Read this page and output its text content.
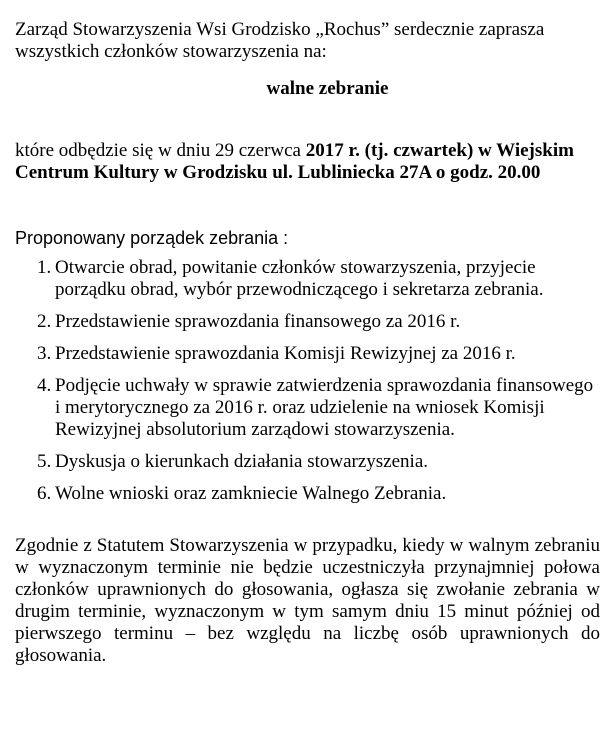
Zarząd Stowarzyszenia Wsi Grodzisko „Rochus” serdecznie zaprasza wszystkich członków stowarzyszenia na:

walne zebranie

które odbędzie się w dniu 29 czerwca 2017 r. (tj. czwartek) w Wiejskim Centrum Kultury w Grodzisku ul. Lubliniecka 27A o godz. 20.00

Proponowany porządek zebrania :

1. Otwarcie obrad, powitanie członków stowarzyszenia, przyjecie porządku obrad, wybór przewodniczącego i sekretarza zebrania.
2. Przedstawienie sprawozdania finansowego za 2016 r.
3. Przedstawienie sprawozdania Komisji Rewizyjnej za 2016 r.
4. Podjęcie uchwały w sprawie zatwierdzenia sprawozdania finansowego i merytorycznego za 2016 r. oraz udzielenie na wniosek Komisji Rewizyjnej absolutorium zarządowi stowarzyszenia.
5. Dyskusja o kierunkach działania stowarzyszenia.
6. Wolne wnioski oraz zamkniecie Walnego Zebrania.

Zgodnie z Statutem Stowarzyszenia w przypadku, kiedy w walnym zebraniu w wyznaczonym terminie nie będzie uczestniczyła przynajmniej połowa członków uprawnionych do głosowania, ogłasza się zwołanie zebrania w drugim terminie, wyznaczonym w tym samym dniu 15 minut później od pierwszego terminu – bez względu na liczbę osób uprawnionych do głosowania.
